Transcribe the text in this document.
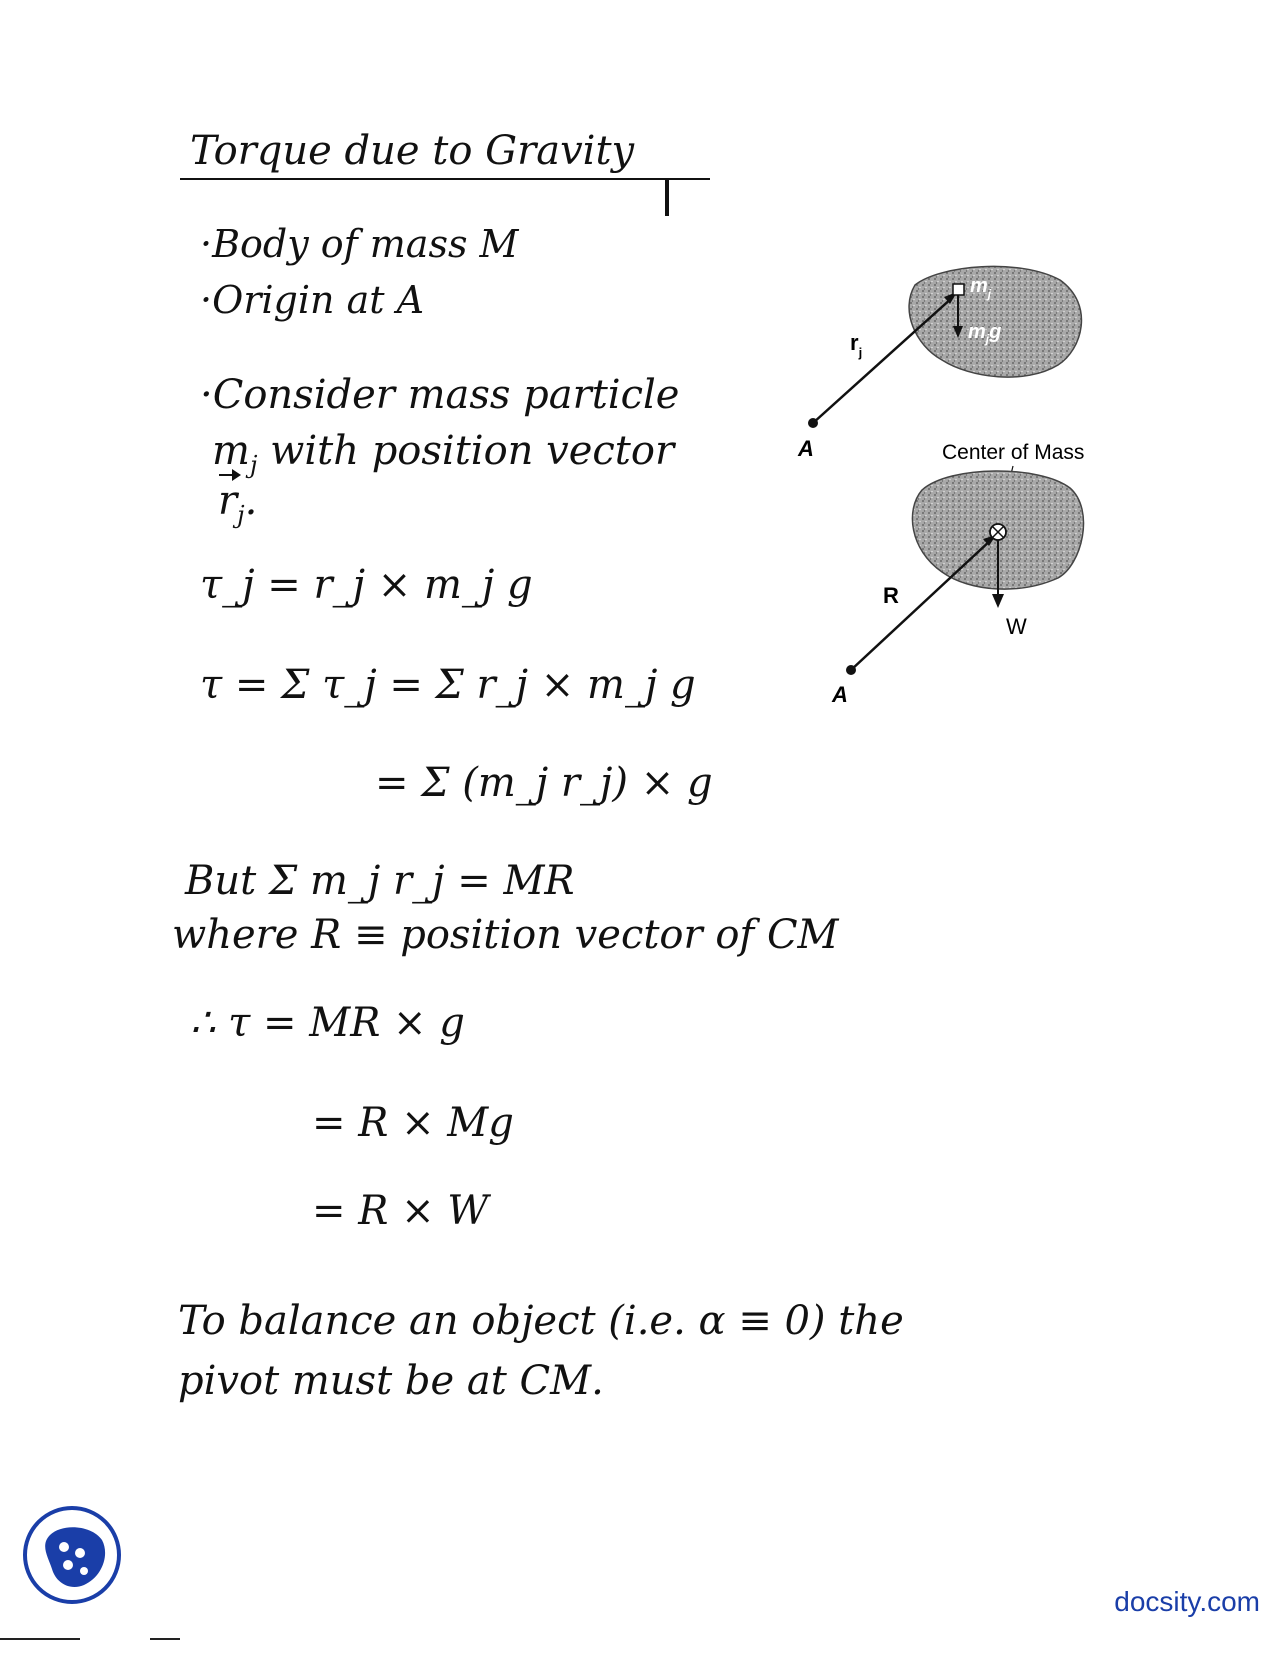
Torque due to Gravity
·Body of mass M
·Origin at A
·Consider mass particle
$m_j$ with position vector
$r_j$.
τ_j = r_j × m_j g
τ = Σ τ_j = Σ r_j × m_j g
= Σ (m_j r_j) × g
But Σ m_j r_j = MR
where R ≡ position vector of CM
∴ τ = MR × g
= R × Mg
= R × W
To balance an object (i.e. α ≡ 0) the
pivot must be at CM.
$r_j$
A
$m_j$
$m_jg$
Center of Mass
R
W
A
docsity.com
